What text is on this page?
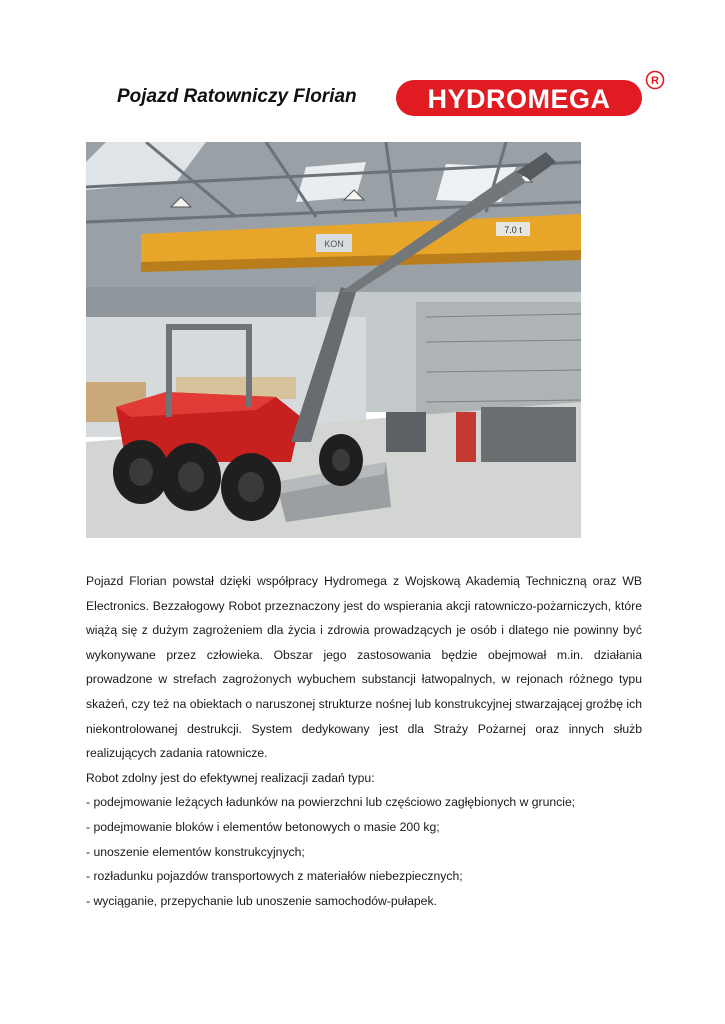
Pojazd Ratowniczy Florian	HYDROMEGA
R
KON
7.0 t

Pojazd Florian powstał dzięki współpracy Hydromega z Wojskową Akademią Techniczną oraz WB Electronics. Bezzałogowy Robot przeznaczony jest do wspierania akcji ratowniczo-pożarniczych, które wiążą się z dużym zagrożeniem dla życia i zdrowia prowadzących je osób i dlatego nie powinny być wykonywane przez człowieka. Obszar jego zastosowania będzie obejmował m.in. działania prowadzone w strefach zagrożonych wybuchem substancji łatwopalnych, w rejonach różnego typu skażeń, czy też na obiektach o naruszonej strukturze nośnej lub konstrukcyjnej stwarzającej groźbę ich niekontrolowanej destrukcji. System dedykowany jest dla Straży Pożarnej oraz innych służb realizujących zadania ratownicze.

Robot zdolny jest do efektywnej realizacji zadań typu:

- podejmowanie leżących ładunków na powierzchni lub częściowo zagłębionych w gruncie;
- podejmowanie bloków i elementów betonowych o masie 200 kg;
- unoszenie elementów konstrukcyjnych;
- rozładunku pojazdów transportowych z materiałów niebezpiecznych;
- wyciąganie, przepychanie lub unoszenie samochodów-pułapek.
